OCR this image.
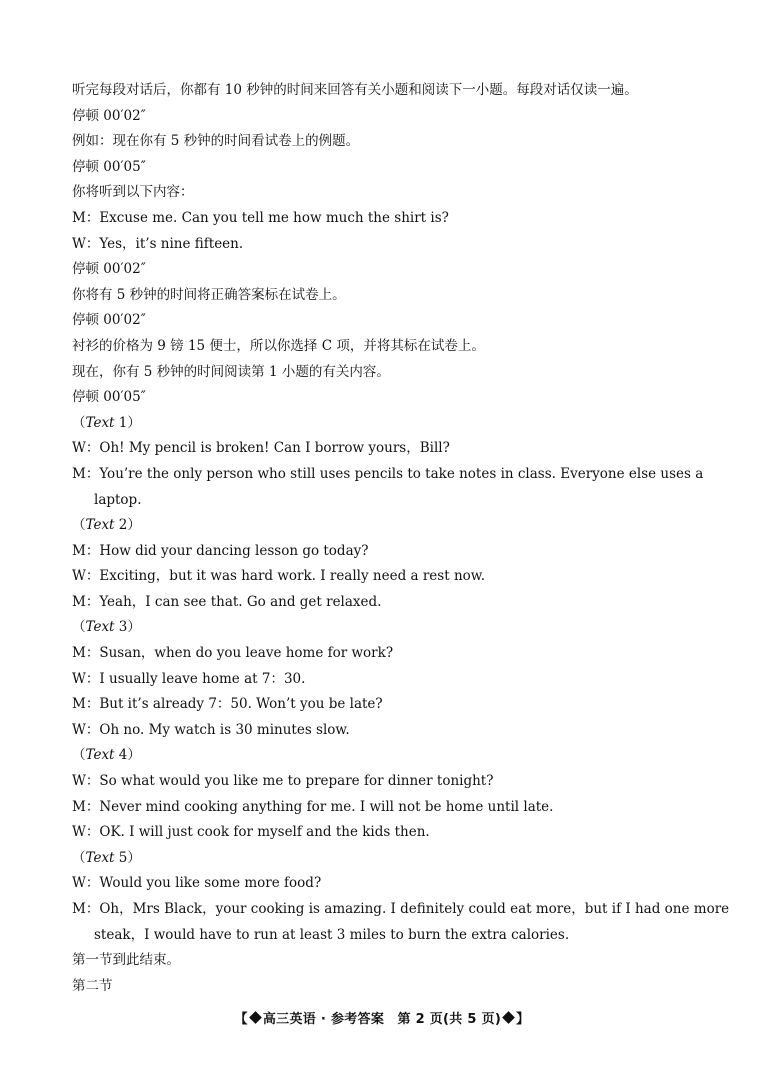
听完每段对话后，你都有 10 秒钟的时间来回答有关小题和阅读下一小题。每段对话仅读一遍。
停顿 00′02″
例如：现在你有 5 秒钟的时间看试卷上的例题。
停顿 00′05″
你将听到以下内容：
M：Excuse me. Can you tell me how much the shirt is?
W：Yes，it’s nine fifteen.
停顿 00′02″
你将有 5 秒钟的时间将正确答案标在试卷上。
停顿 00′02″
衬衫的价格为 9 镑 15 便士，所以你选择 C 项，并将其标在试卷上。
现在，你有 5 秒钟的时间阅读第 1 小题的有关内容。
停顿 00′05″
（Text 1）
W：Oh! My pencil is broken! Can I borrow yours，Bill?
M：You’re the only person who still uses pencils to take notes in class. Everyone else uses a
laptop.
（Text 2）
M：How did your dancing lesson go today?
W：Exciting，but it was hard work. I really need a rest now.
M：Yeah，I can see that. Go and get relaxed.
（Text 3）
M：Susan，when do you leave home for work?
W：I usually leave home at 7：30.
M：But it’s already 7：50. Won’t you be late?
W：Oh no. My watch is 30 minutes slow.
（Text 4）
W：So what would you like me to prepare for dinner tonight?
M：Never mind cooking anything for me. I will not be home until late.
W：OK. I will just cook for myself and the kids then.
（Text 5）
W：Would you like some more food?
M：Oh，Mrs Black，your cooking is amazing. I definitely could eat more，but if I had one more
steak，I would have to run at least 3 miles to burn the extra calories.
第一节到此结束。
第二节
【 高三英语 · 参考答案　第 2 页(共 5 页) 】
